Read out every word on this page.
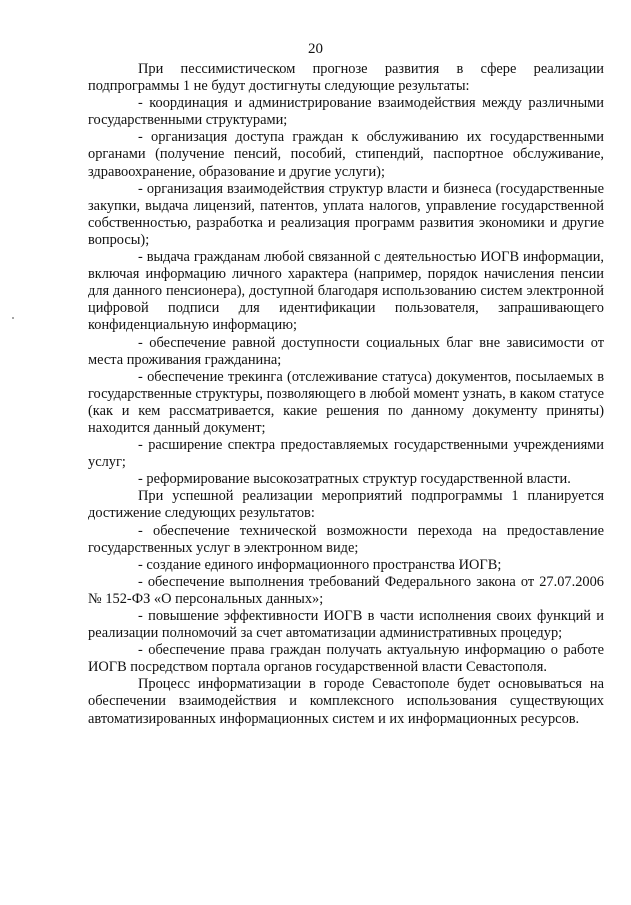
20

При пессимистическом прогнозе развития в сфере реализации подпрограммы 1 не будут достигнуты следующие результаты:

- координация и администрирование взаимодействия между различными государственными структурами;

- организация доступа граждан к обслуживанию их государственными органами (получение пенсий, пособий, стипендий, паспортное обслуживание, здравоохранение, образование и другие услуги);

- организация взаимодействия структур власти и бизнеса (государственные закупки, выдача лицензий, патентов, уплата налогов, управление государственной собственностью, разработка и реализация программ развития экономики и другие вопросы);

- выдача гражданам любой связанной с деятельностью ИОГВ информации, включая информацию личного характера (например, порядок начисления пенсии для данного пенсионера), доступной благодаря использованию систем электронной цифровой подписи для идентификации пользователя, запрашивающего конфиденциальную информацию;

- обеспечение равной доступности социальных благ вне зависимости от места проживания гражданина;

- обеспечение трекинга (отслеживание статуса) документов, посылаемых в государственные структуры, позволяющего в любой момент узнать, в каком статусе (как и кем рассматривается, какие решения по данному документу приняты) находится данный документ;

- расширение спектра предоставляемых государственными учреждениями услуг;

- реформирование высокозатратных структур государственной власти.

При успешной реализации мероприятий подпрограммы 1 планируется достижение следующих результатов:

- обеспечение технической возможности перехода на предоставление государственных услуг в электронном виде;

- создание единого информационного пространства ИОГВ;

- обеспечение выполнения требований Федерального закона от 27.07.2006 № 152-ФЗ «О персональных данных»;

- повышение эффективности ИОГВ в части исполнения своих функций и реализации полномочий за счет автоматизации административных процедур;

- обеспечение права граждан получать актуальную информацию о работе ИОГВ посредством портала органов государственной власти Севастополя.

Процесс информатизации в городе Севастополе будет основываться на обеспечении взаимодействия и комплексного использования существующих автоматизированных информационных систем и их информационных ресурсов.
